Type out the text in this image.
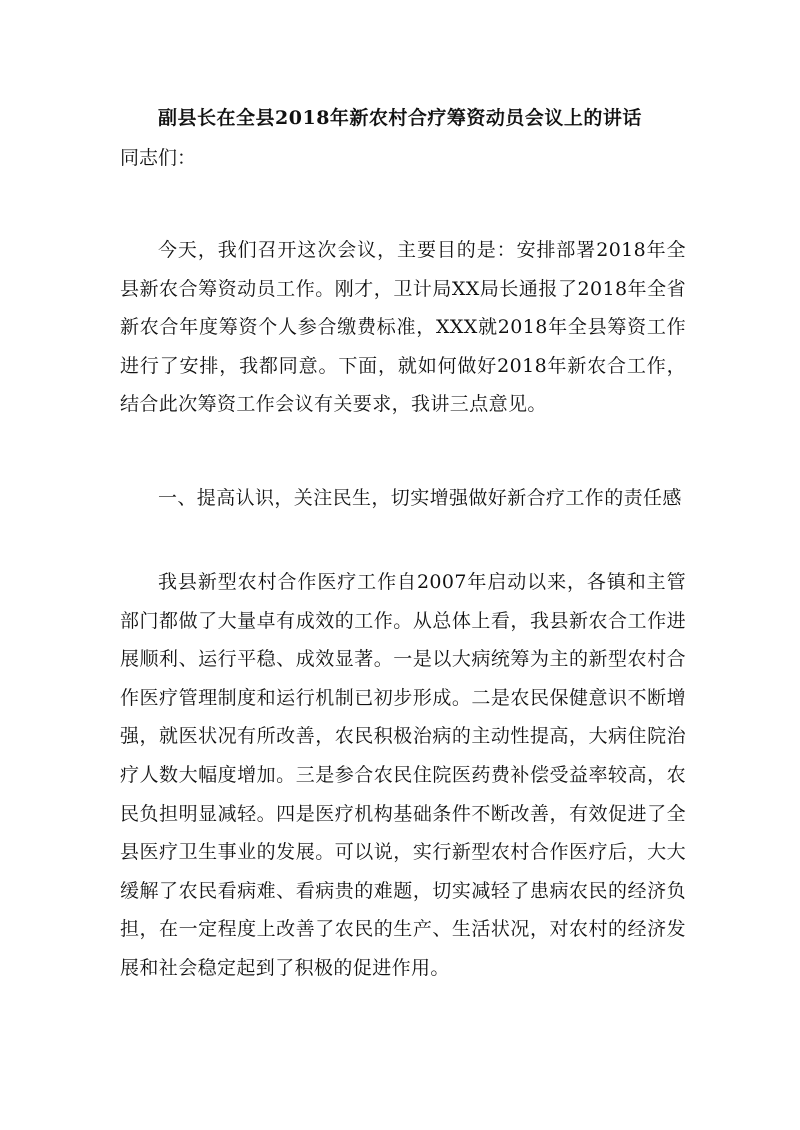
副县长在全县2018年新农村合疗筹资动员会议上的讲话

同志们：

今天，我们召开这次会议，主要目的是：安排部署2018年全县新农合筹资动员工作。刚才，卫计局XX局长通报了2018年全省新农合年度筹资个人参合缴费标准，XXX就2018年全县筹资工作进行了安排，我都同意。下面，就如何做好2018年新农合工作，结合此次筹资工作会议有关要求，我讲三点意见。

一、提高认识，关注民生，切实增强做好新合疗工作的责任感

我县新型农村合作医疗工作自2007年启动以来，各镇和主管部门都做了大量卓有成效的工作。从总体上看，我县新农合工作进展顺利、运行平稳、成效显著。一是以大病统筹为主的新型农村合作医疗管理制度和运行机制已初步形成。二是农民保健意识不断增强，就医状况有所改善，农民积极治病的主动性提高，大病住院治疗人数大幅度增加。三是参合农民住院医药费补偿受益率较高，农民负担明显减轻。四是医疗机构基础条件不断改善，有效促进了全县医疗卫生事业的发展。可以说，实行新型农村合作医疗后，大大缓解了农民看病难、看病贵的难题，切实减轻了患病农民的经济负担，在一定程度上改善了农民的生产、生活状况，对农村的经济发展和社会稳定起到了积极的促进作用。
